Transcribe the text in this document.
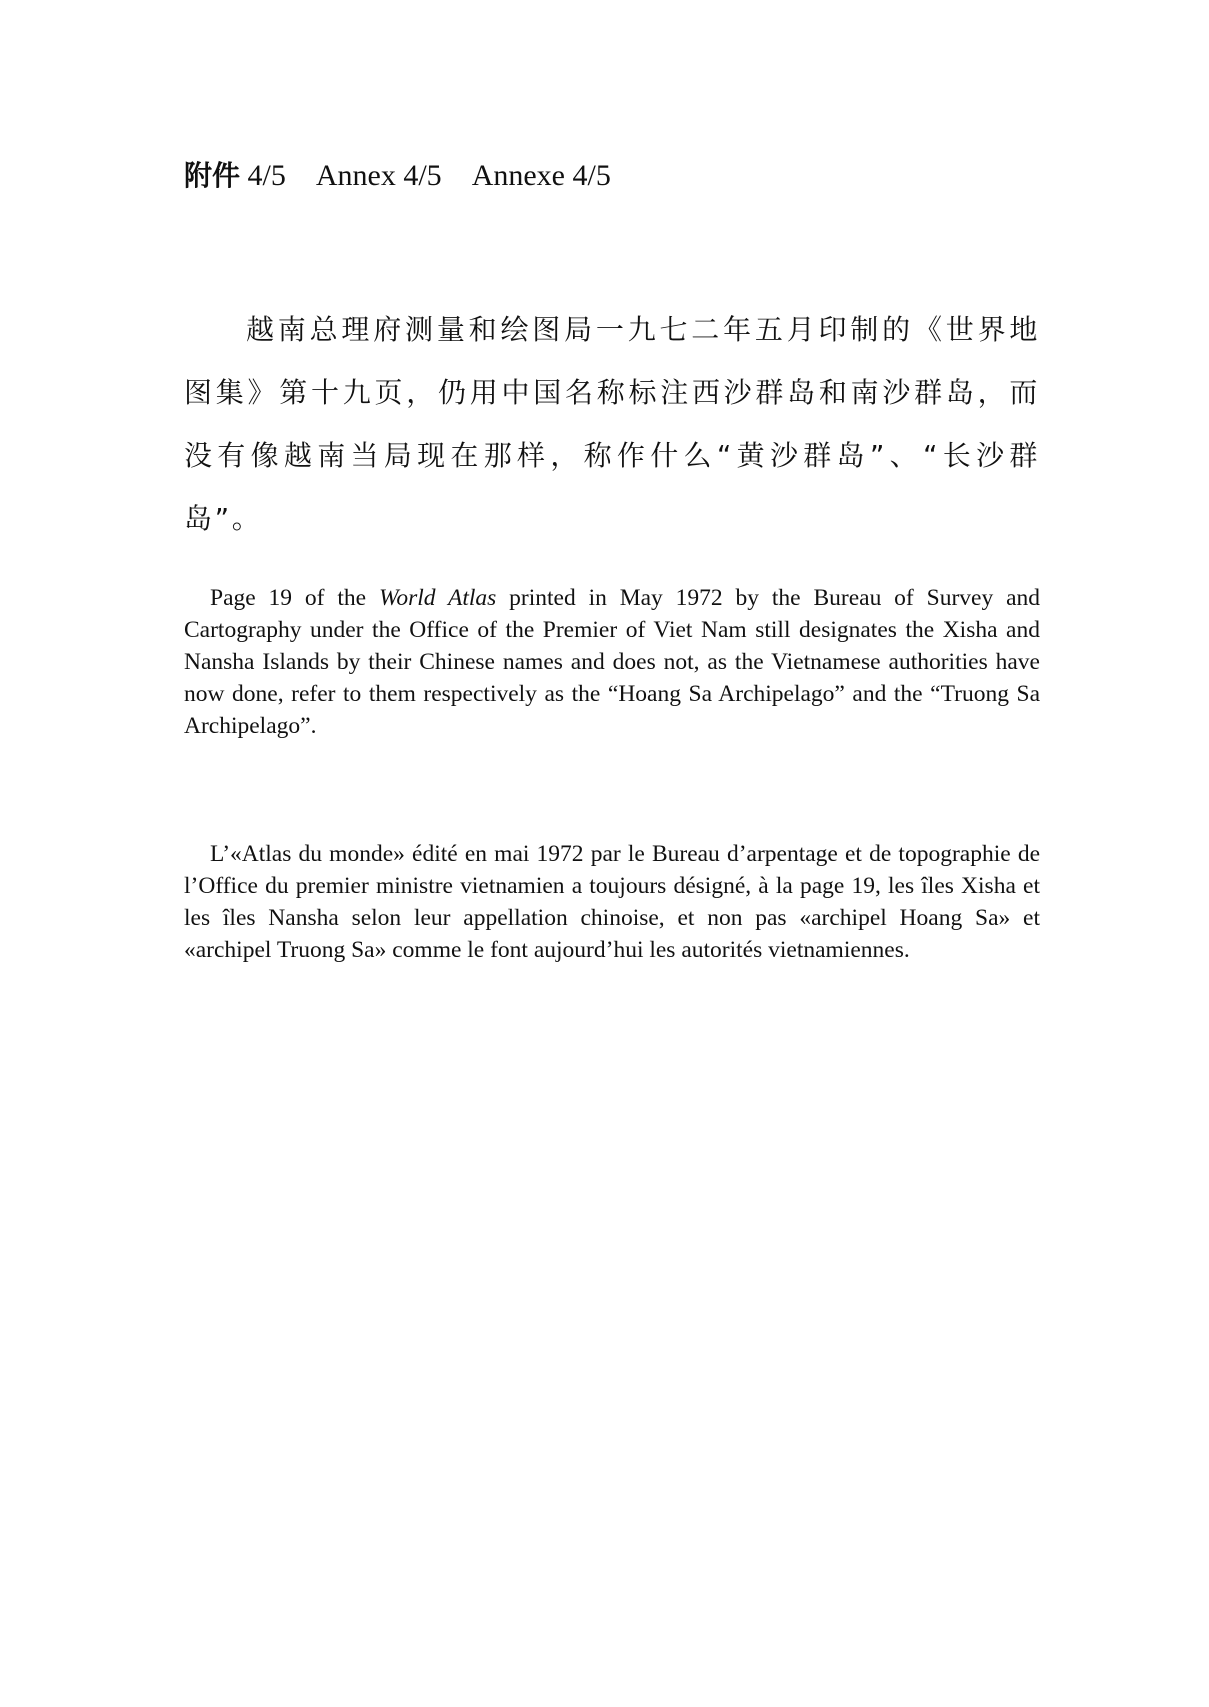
附件 4/5 Annex 4/5 Annexe 4/5

越南总理府测量和绘图局一九七二年五月印制的《世界地图集》第十九页，仍用中国名称标注西沙群岛和南沙群岛，而没有像越南当局现在那样，称作什么“黄沙群岛”、“长沙群岛”。

Page 19 of the World Atlas printed in May 1972 by the Bureau of Survey and Cartography under the Office of the Premier of Viet Nam still designates the Xisha and Nansha Islands by their Chinese names and does not, as the Vietnamese authorities have now done, refer to them respectively as the “Hoang Sa Archipelago” and the “Truong Sa Archipelago”.

L’«Atlas du monde» édité en mai 1972 par le Bureau d’arpentage et de topographie de l’Office du premier ministre vietnamien a toujours désigné, à la page 19, les îles Xisha et les îles Nansha selon leur appellation chinoise, et non pas «archipel Hoang Sa» et «archipel Truong Sa» comme le font aujourd’hui les autorités vietnamiennes.
